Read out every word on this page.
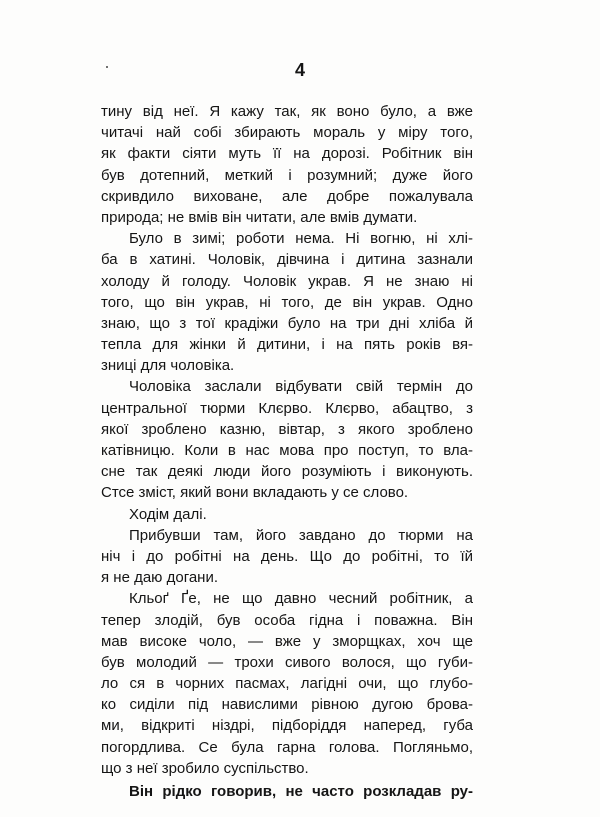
4
тину від неї. Я кажу так, як воно було, а вже
читачі най собі збирають мораль у міру того,
як факти сіяти муть її на дорозі. Робітник він
був дотепний, меткий і розумний; дуже його
скривдило виховане, але добре пожалувала
природа; не вмів він читати, але вмів думати.
Було в зимі; роботи нема. Ні вогню, ні хлі-
ба в хатині. Чоловік, дівчина і дитина зазнали
холоду й голоду. Чоловік украв. Я не знаю ні
того, що він украв, ні того, де він украв. Одно
знаю, що з тої крадіжи було на три дні хліба й
тепла для жінки й дитини, і на пять років вя-
зниці для чоловіка.
Чоловіка заслали відбувати свій термін до
центральної тюрми Клєрво. Клєрво, абацтво, з
якої зроблено казню, вівтар, з якого зроблено
катівницю. Коли в нас мова про поступ, то вла-
сне так деякі люди його розуміють і виконують.
Стсе зміст, який вони вкладають у се слово.
Ходім далі.
Прибувши там, його завдано до тюрми на
ніч і до робітні на день. Що до робітні, то їй
я не даю догани.
Кльоґ Ґе, не що давно чесний робітник, а
тепер злодій, був особа гідна і поважна. Він
мав високе чоло, — вже у зморщках, хоч ще
був молодий — трохи сивого волося, що губи-
ло ся в чорних пасмах, лагідні очи, що глубо-
ко сиділи під навислими рівною дугою брова-
ми, відкриті ніздрі, підборіддя наперед, губа
погордлива. Се була гарна голова. Погляньмо,
що з неї зробило суспільство.
Він рідко говорив, не часто розкладав ру-
